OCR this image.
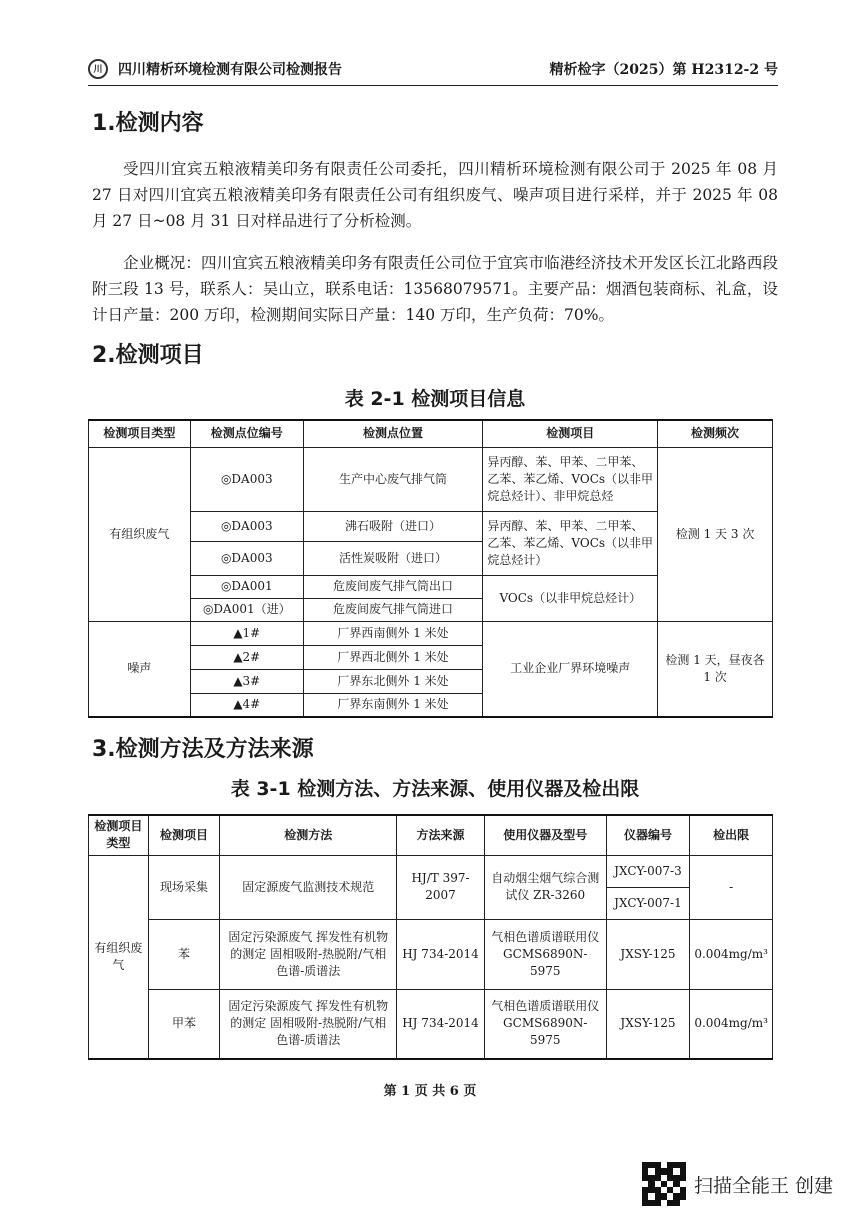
川	四川精析环境检测有限公司检测报告	精析检字（2025）第 H2312-2 号
1.检测内容

受四川宜宾五粮液精美印务有限责任公司委托，四川精析环境检测有限公司于 2025 年 08 月 27 日对四川宜宾五粮液精美印务有限责任公司有组织废气、噪声项目进行采样，并于 2025 年 08 月 27 日~08 月 31 日对样品进行了分析检测。

企业概况：四川宜宾五粮液精美印务有限责任公司位于宜宾市临港经济技术开发区长江北路西段附三段 13 号，联系人：吴山立，联系电话：13568079571。主要产品：烟酒包装商标、礼盒，设计日产量：200 万印，检测期间实际日产量：140 万印，生产负荷：70%。

2.检测项目
表 2-1 检测项目信息
检测项目类型	检测点位编号	检测点位置	检测项目	检测频次
有组织废气	◎DA003	生产中心废气排气筒	异丙醇、苯、甲苯、二甲苯、乙苯、苯乙烯、VOCs（以非甲烷总烃计）、非甲烷总烃	检测 1 天 3 次
	◎DA003	沸石吸附（进口）	异丙醇、苯、甲苯、二甲苯、乙苯、苯乙烯、VOCs（以非甲烷总烃计）	
	◎DA003	活性炭吸附（进口）		
	◎DA001	危废间废气排气筒出口	VOCs（以非甲烷总烃计）	
	◎DA001（进）	危废间废气排气筒进口		
噪声	▲1#	厂界西南侧外 1 米处	工业企业厂界环境噪声	检测 1 天，昼夜各 1 次
	▲2#	厂界西北侧外 1 米处		
	▲3#	厂界东北侧外 1 米处		
	▲4#	厂界东南侧外 1 米处		
3.检测方法及方法来源
表 3-1 检测方法、方法来源、使用仪器及检出限
检测项目类型	检测项目	检测方法	方法来源	使用仪器及型号	仪器编号	检出限
有组织废气	现场采集	固定源废气监测技术规范	HJ/T 397-2007	自动烟尘烟气综合测试仪 ZR-3260	JXCY-007-3	-
					JXCY-007-1	
	苯	固定污染源废气 挥发性有机物的测定 固相吸附-热脱附/气相色谱-质谱法	HJ 734-2014	气相色谱质谱联用仪 GCMS6890N-5975	JXSY-125	0.004mg/m³
	甲苯	固定污染源废气 挥发性有机物的测定 固相吸附-热脱附/气相色谱-质谱法	HJ 734-2014	气相色谱质谱联用仪 GCMS6890N-5975	JXSY-125	0.004mg/m³
第 1 页 共 6 页
扫描全能王 创建
